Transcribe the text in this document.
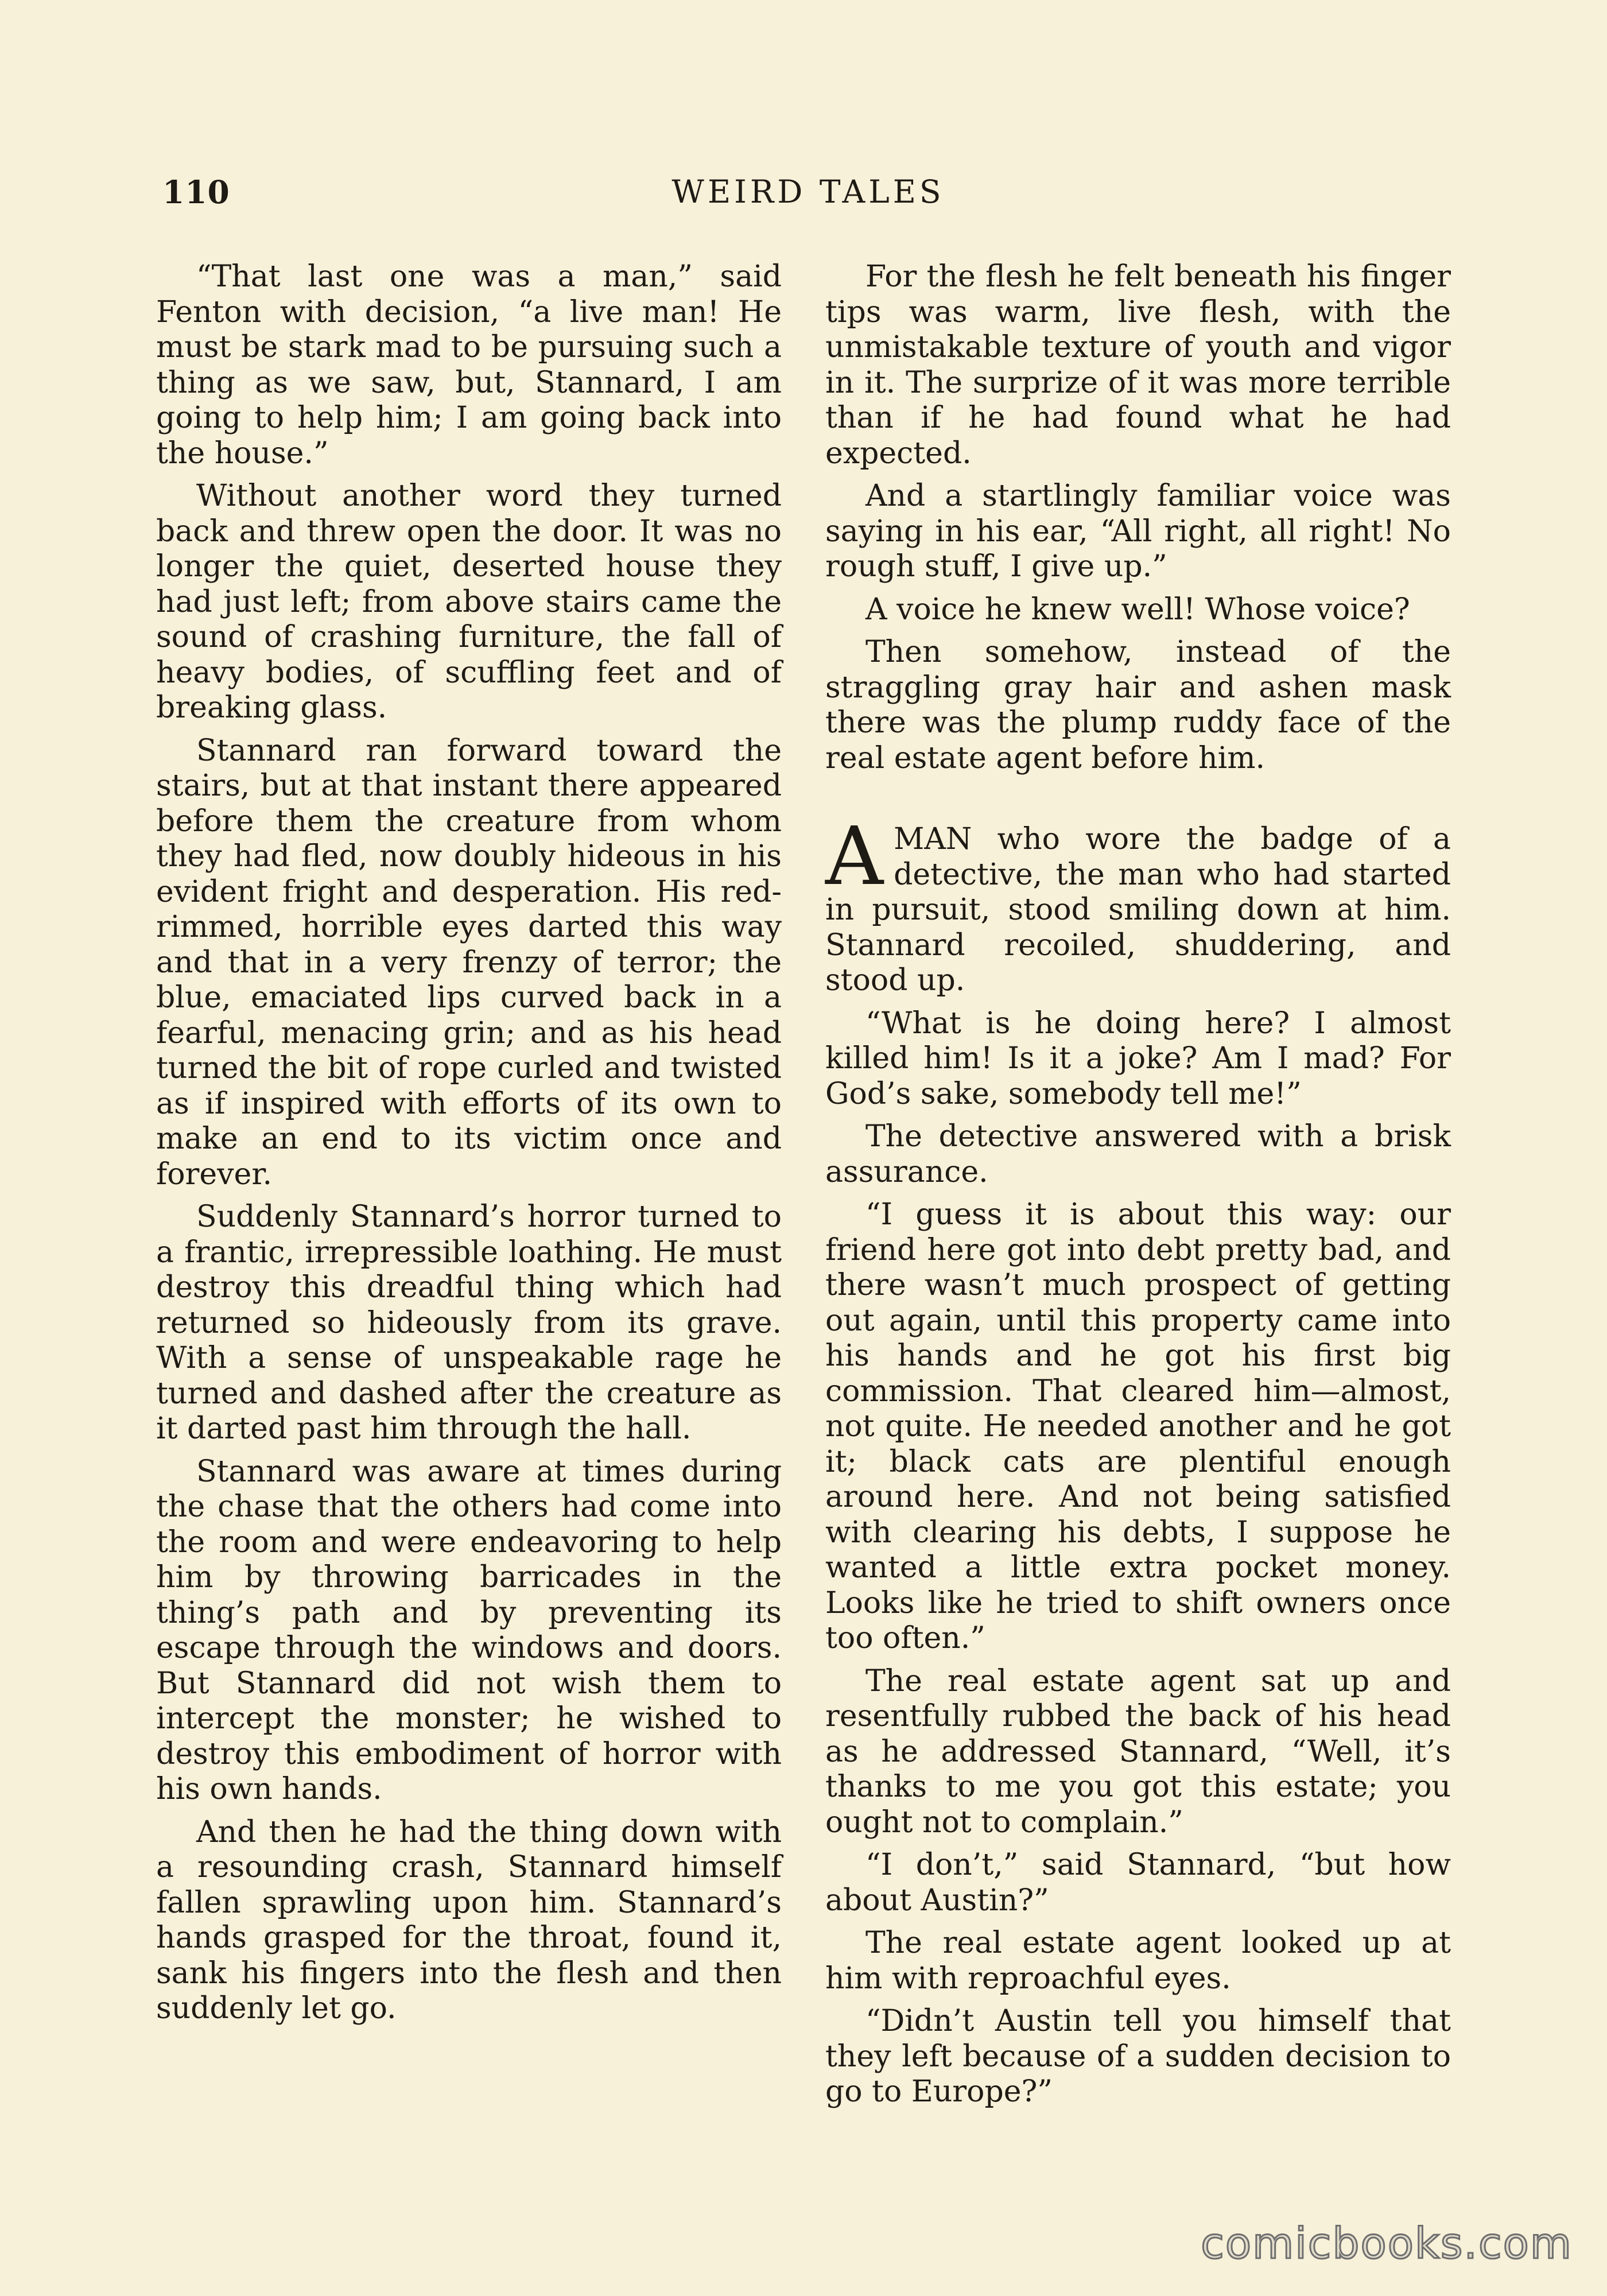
110	WEIRD TALES

“That last one was a man,” said Fenton with decision, “a live man! He must be stark mad to be pursuing such a thing as we saw, but, Stannard, I am going to help him; I am going back into the house.”

Without another word they turned back and threw open the door. It was no longer the quiet, deserted house they had just left; from above stairs came the sound of crashing furniture, the fall of heavy bodies, of scuffling feet and of breaking glass.

Stannard ran forward toward the stairs, but at that instant there appeared before them the creature from whom they had fled, now doubly hideous in his evident fright and desperation. His red-rimmed, horrible eyes darted this way and that in a very frenzy of terror; the blue, emaciated lips curved back in a fearful, menacing grin; and as his head turned the bit of rope curled and twisted as if inspired with efforts of its own to make an end to its victim once and forever.

Suddenly Stannard’s horror turned to a frantic, irrepressible loathing. He must destroy this dreadful thing which had returned so hideously from its grave. With a sense of unspeakable rage he turned and dashed after the creature as it darted past him through the hall.

Stannard was aware at times during the chase that the others had come into the room and were endeavoring to help him by throwing barricades in the thing’s path and by preventing its escape through the windows and doors. But Stannard did not wish them to intercept the monster; he wished to destroy this embodiment of horror with his own hands.

And then he had the thing down with a resounding crash, Stannard himself fallen sprawling upon him. Stannard’s hands grasped for the throat, found it, sank his fingers into the flesh and then suddenly let go.

For the flesh he felt beneath his finger tips was warm, live flesh, with the unmistakable texture of youth and vigor in it. The surprize of it was more terrible than if he had found what he had expected.

And a startlingly familiar voice was saying in his ear, “All right, all right! No rough stuff, I give up.”

A voice he knew well! Whose voice?

Then somehow, instead of the straggling gray hair and ashen mask there was the plump ruddy face of the real estate agent before him.

AMAN who wore the badge of a detective, the man who had started in pursuit, stood smiling down at him. Stannard recoiled, shuddering, and stood up.

“What is he doing here? I almost killed him! Is it a joke? Am I mad? For God’s sake, somebody tell me!”

The detective answered with a brisk assurance.

“I guess it is about this way: our friend here got into debt pretty bad, and there wasn’t much prospect of getting out again, until this property came into his hands and he got his first big commission. That cleared him—almost, not quite. He needed another and he got it; black cats are plentiful enough around here. And not being satisfied with clearing his debts, I suppose he wanted a little extra pocket money. Looks like he tried to shift owners once too often.”

The real estate agent sat up and resentfully rubbed the back of his head as he addressed Stannard, “Well, it’s thanks to me you got this estate; you ought not to complain.”

“I don’t,” said Stannard, “but how about Austin?”

The real estate agent looked up at him with reproachful eyes.

“Didn’t Austin tell you himself that they left because of a sudden decision to go to Europe?”

comicbooks.com
